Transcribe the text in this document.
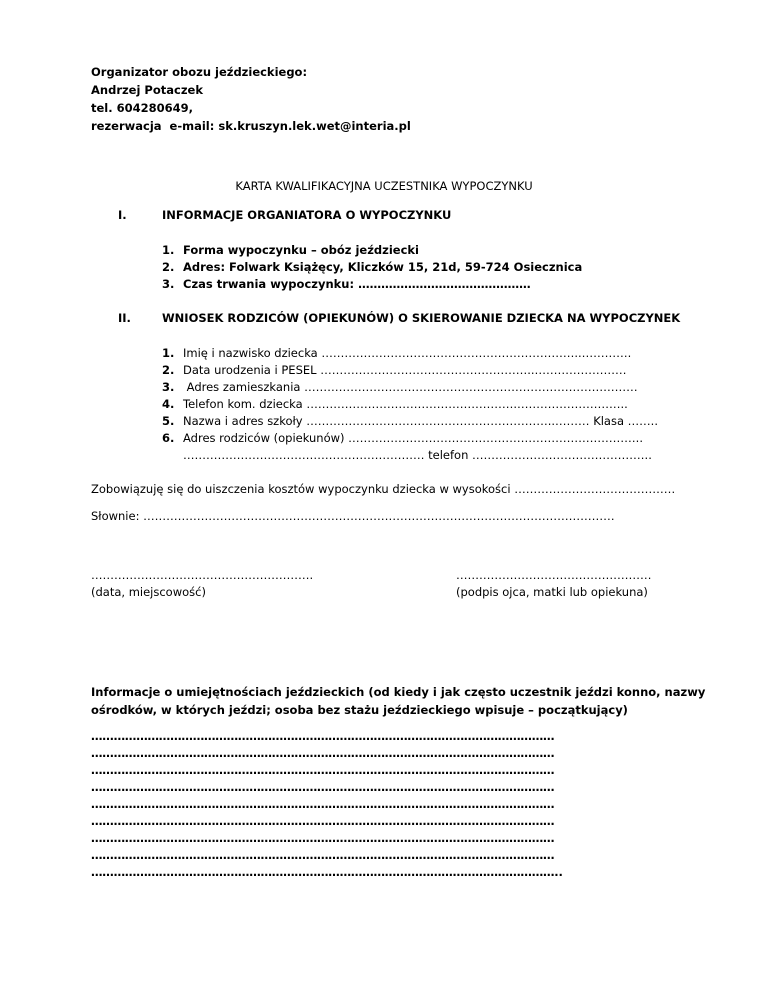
Organizator obozu jeździeckiego:
Andrzej Potaczek
tel. 604280649,
rezerwacja  e-mail: sk.kruszyn.lek.wet@interia.pl
KARTA KWALIFIKACYJNA UCZESTNIKA WYPOCZYNKU
I.	INFORMACJE ORGANIATORA O WYPOCZYNKU
1. Forma wypoczynku – obóz jeździecki
2. Adres: Folwark Książęcy, Kliczków 15, 21d, 59-724 Osiecznica
3. Czas trwania wypoczynku: ………………………………………
II.	WNIOSEK RODZICÓW (OPIEKUNÓW) O SKIEROWANIE DZIECKA NA WYPOCZYNEK
1. Imię i nazwisko dziecka …………………………………………………………..………….
2. Data urodzenia i PESEL ………………………………………………..……………………
3. Adres zamieszkania ……………………………………………………………………………
4. Telefon kom. dziecka ……………………………………………….………………………..
5. Nazwa i adres szkoły ………………………………………………………..……… Klasa ……..
6. Adres rodziców (opiekunów) …………………………………………………………………..
……………………………………………………… telefon ………………………………………..
Zobowiązuję się do uiszczenia kosztów wypoczynku dziecka w wysokości ……………………………………
Słownie: ……………………………………………………………………………………………………………
………………………………………………….
(data, miejscowość)
……………………………………………
(podpis ojca, matki lub opiekuna)
Informacje o umiejętnościach jeździeckich (od kiedy i jak często uczestnik jeździ konno, nazwy
ośrodków, w których jeździ; osoba bez stażu jeździeckiego wpisuje – początkujący)
……………………………………………………………………………………………………………
……………………………………………………………………………………………………………
……………………………………………………………………………………………………………
……………………………………………………………………………………………………………
……………………………………………………………………………………………………………
……………………………………………………………………………………………………………
……………………………………………………………………………………………………………
……………………………………………………………………………………………………………
……………………………………………………………………………………………………………..
